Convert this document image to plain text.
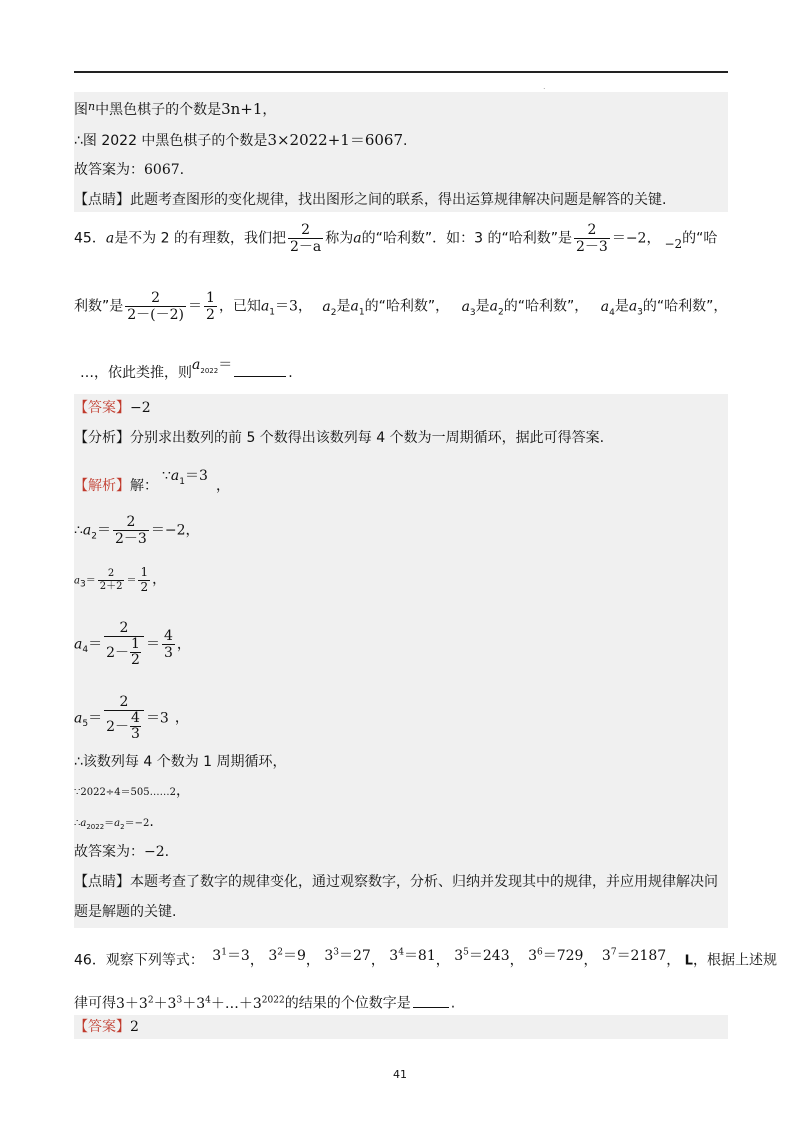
.
图$^n$中黑色棋子的个数是3n+1，
∴图 2022 中黑色棋子的个数是3×2022+1＝6067.
故答案为：6067.
【点睛】此题考查图形的变化规律，找出图形之间的联系，得出运算规律解决问题是解答的关键.
45．a是不为 2 的有理数，我们把 $\frac{2}{2-a}$ 称为a的“哈利数”．如：3 的“哈利数”是 $\frac{2}{2-3} =-2$， −2的“哈
利数”是 $\frac{2}{2-(-2)} = \frac{1}{2}$ ，已知$a_1=3$， $a_2$是$a_1$的“哈利数”， $a_3$是$a_2$的“哈利数”， $a_4$是$a_3$的“哈利数”，
…，依此类推，则$a_{2022}=$	.
【答案】−2
【分析】分别求出数列的前 5 个数得出该数列每 4 个数为一周期循环，据此可得答案.
【解析】解：$\because a_1=3$，
$\therefore a_2= \frac{2}{2-3} =-2$，
$a_3= \frac{2}{2+2} = \frac{1}{2}$ ，
$a_4= \frac{2}{2- \frac{1}{2}} = \frac{4}{3}$ ，
$a_5= \frac{2}{2- \frac{4}{3}} =3$ ，
∴该数列每 4 个数为 1 周期循环，
∵2022÷4＝505……2，
$\therefore a_{2022}=a_2=-2$.
故答案为：−2.
【点睛】本题考查了数字的规律变化，通过观察数字，分析、归纳并发现其中的规律，并应用规律解决问
题是解题的关键.
46．观察下列等式： $3^1=3$， $3^2=9$， $3^3=27$， $3^4=81$， $3^5=243$， $3^6=729$， $3^7=2187$， L，根据上述规
律可得$3+3^2+3^3+3^4+\dots+3^{2022}$的结果的个位数字是	.
【答案】2
41
